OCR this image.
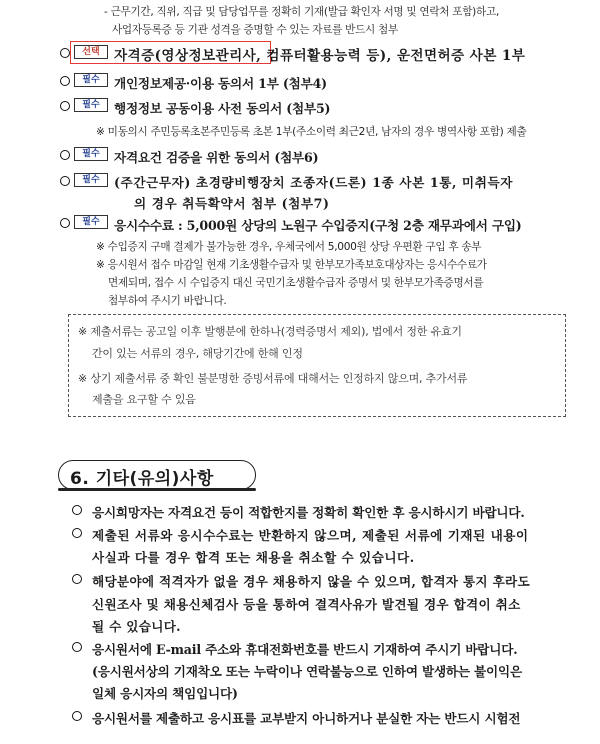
- 근무기간, 직위, 직급 및 담당업무를 정확히 기재(발급 확인자 서명 및 연락처 포함)하고,
사업자등록증 등 기관 성격을 증명할 수 있는 자료를 반드시 첨부
선택	자격증(영상정보관리사, 컴퓨터활용능력 등), 운전면허증 사본 1부
필수	개인정보제공·이용 동의서 1부 (첨부4)
필수	행정정보 공동이용 사전 동의서 (첨부5)
※ 미동의시 주민등록초본주민등록 초본 1부(주소이력 최근2년, 남자의 경우 병역사항 포함) 제출
필수	자격요건 검증을 위한 동의서 (첨부6)
필수	(주간근무자) 초경량비행장치 조종자(드론) 1종 사본 1통, 미취득자
의 경우 취득확약서 첨부 (첨부7)
필수	응시수수료 : 5,000원 상당의 노원구 수입증지(구청 2층 재무과에서 구입)
※ 수입증지 구매 결제가 불가능한 경우, 우체국에서 5,000원 상당 우편환 구입 후 송부
※ 응시원서 접수 마감일 현재 기초생활수급자 및 한부모가족보호대상자는 응시수수료가
면제되며, 접수 시 수입증지 대신 국민기초생활수급자 증명서 및 한부모가족증명서를
첨부하여 주시기 바랍니다.
※ 제출서류는 공고일 이후 발행분에 한하나(경력증명서 제외), 법에서 정한 유효기
간이 있는 서류의 경우, 해당기간에 한해 인정
※ 상기 제출서류 중 확인 불분명한 증빙서류에 대해서는 인정하지 않으며, 추가서류
제출을 요구할 수 있음
6. 기타(유의)사항
응시희망자는 자격요건 등이 적합한지를 정확히 확인한 후 응시하시기 바랍니다.
제출된 서류와 응시수수료는 반환하지 않으며, 제출된 서류에 기재된 내용이
사실과 다를 경우 합격 또는 채용을 취소할 수 있습니다.
해당분야에 적격자가 없을 경우 채용하지 않을 수 있으며, 합격자 통지 후라도
신원조사 및 채용신체검사 등을 통하여 결격사유가 발견될 경우 합격이 취소
될 수 있습니다.
응시원서에 E-mail 주소와 휴대전화번호를 반드시 기재하여 주시기 바랍니다.
(응시원서상의 기재착오 또는 누락이나 연락불능으로 인하여 발생하는 불이익은
일체 응시자의 책임입니다)
응시원서를 제출하고 응시표를 교부받지 아니하거나 분실한 자는 반드시 시험전
